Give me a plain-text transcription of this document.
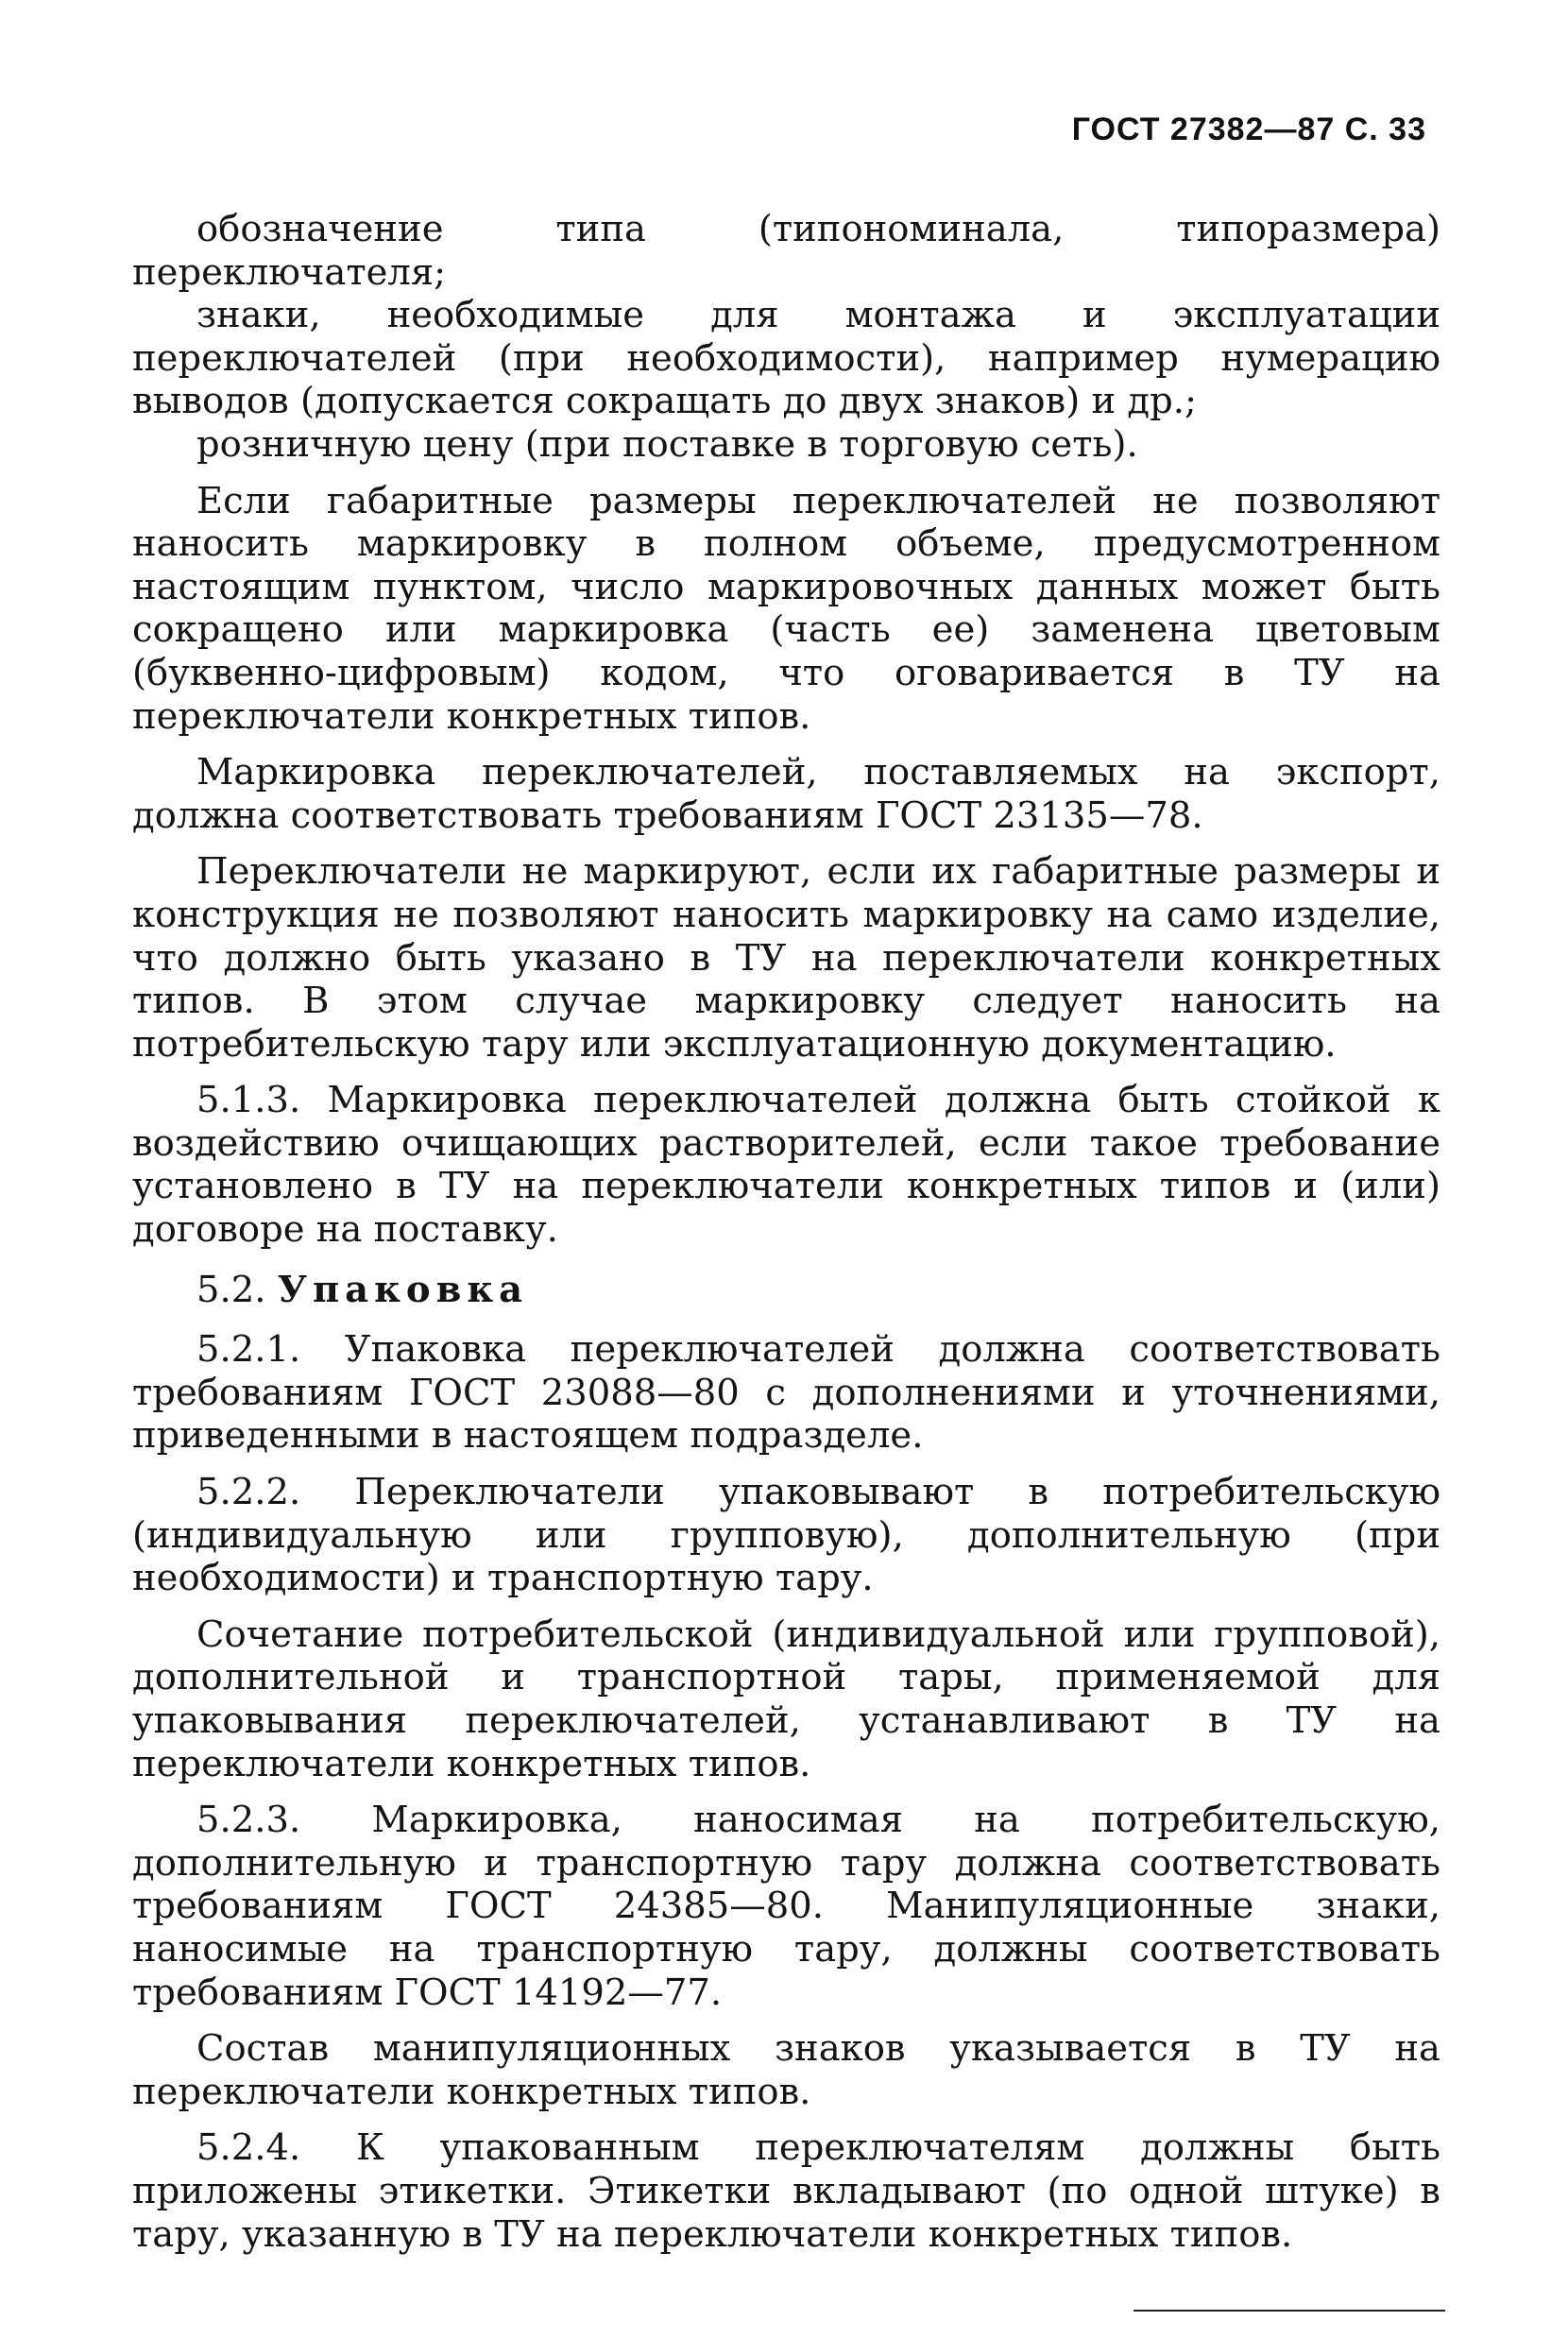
ГОСТ 27382—87 С. 33

обозначение типа (типономинала, типоразмера) переключателя;

знаки, необходимые для монтажа и эксплуатации переключателей (при необходимости), например нумерацию выводов (допускается сокращать до двух знаков) и др.;

розничную цену (при поставке в торговую сеть).

Если габаритные размеры переключателей не позволяют наносить маркировку в полном объеме, предусмотренном настоящим пунктом, число маркировочных данных может быть сокращено или маркировка (часть ее) заменена цветовым (буквенно-цифровым) кодом, что оговаривается в ТУ на переключатели конкретных типов.

Маркировка переключателей, поставляемых на экспорт, должна соответствовать требованиям ГОСТ 23135—78.

Переключатели не маркируют, если их габаритные размеры и конструкция не позволяют наносить маркировку на само изделие, что должно быть указано в ТУ на переключатели конкретных типов. В этом случае маркировку следует наносить на потребительскую тару или эксплуатационную документацию.

5.1.3. Маркировка переключателей должна быть стойкой к воздействию очищающих растворителей, если такое требование установлено в ТУ на переключатели конкретных типов и (или) договоре на поставку.

5.2. Упаковка

5.2.1. Упаковка переключателей должна соответствовать требованиям ГОСТ 23088—80 с дополнениями и уточнениями, приведенными в настоящем подразделе.

5.2.2. Переключатели упаковывают в потребительскую (индивидуальную или групповую), дополнительную (при необходимости) и транспортную тару.

Сочетание потребительской (индивидуальной или групповой), дополнительной и транспортной тары, применяемой для упаковывания переключателей, устанавливают в ТУ на переключатели конкретных типов.

5.2.3. Маркировка, наносимая на потребительскую, дополнительную и транспортную тару должна соответствовать требованиям ГОСТ 24385—80. Манипуляционные знаки, наносимые на транспортную тару, должны соответствовать требованиям ГОСТ 14192—77.

Состав манипуляционных знаков указывается в ТУ на переключатели конкретных типов.

5.2.4. К упакованным переключателям должны быть приложены этикетки. Этикетки вкладывают (по одной штуке) в тару, указанную в ТУ на переключатели конкретных типов.
